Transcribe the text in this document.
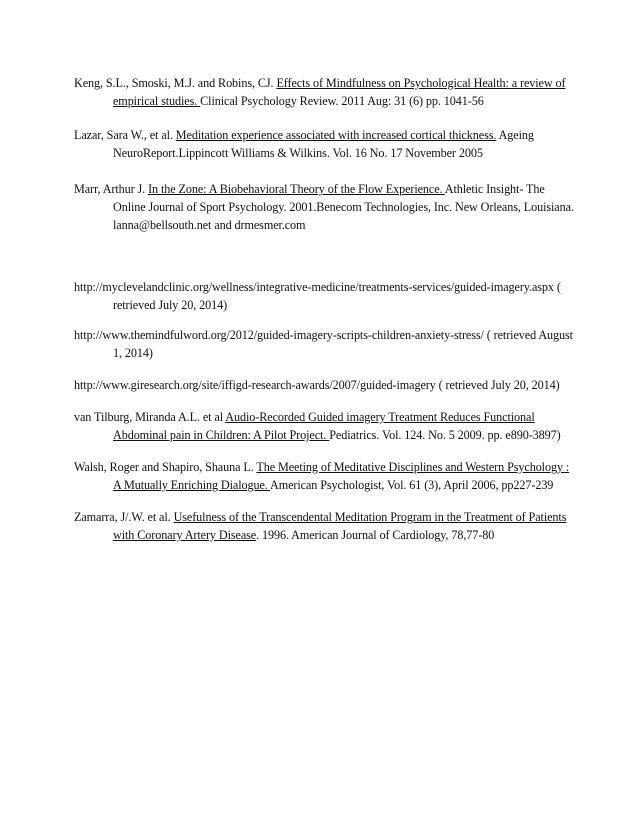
Keng, S.L., Smoski, M.J. and Robins, CJ. Effects of Mindfulness on Psychological Health: a review of empirical studies. Clinical Psychology Review. 2011 Aug: 31 (6) pp. 1041-56

Lazar, Sara W., et al. Meditation experience associated with increased cortical thickness. Ageing NeuroReport.Lippincott Williams & Wilkins. Vol. 16 No. 17 November 2005

Marr, Arthur J. In the Zone: A Biobehavioral Theory of the Flow Experience. Athletic Insight- The Online Journal of Sport Psychology. 2001.Benecom Technologies, Inc. New Orleans, Louisiana. lanna@bellsouth.net and drmesmer.com

http://myclevelandclinic.org/wellness/integrative-medicine/treatments-services/guided-imagery.aspx ( retrieved July 20, 2014)

http://www.themindfulword.org/2012/guided-imagery-scripts-children-anxiety-stress/ ( retrieved August 1, 2014)

http://www.giresearch.org/site/iffigd-research-awards/2007/guided-imagery ( retrieved July 20, 2014)

van Tilburg, Miranda A.L. et al Audio-Recorded Guided imagery Treatment Reduces Functional Abdominal pain in Children: A Pilot Project. Pediatrics. Vol. 124. No. 5 2009. pp. e890-3897)

Walsh, Roger and Shapiro, Shauna L. The Meeting of Meditative Disciplines and Western Psychology : A Mutually Enriching Dialogue. American Psychologist, Vol. 61 (3), April 2006, pp227-239

Zamarra, J/.W. et al. Usefulness of the Transcendental Meditation Program in the Treatment of Patients with Coronary Artery Disease. 1996. American Journal of Cardiology, 78,77-80
